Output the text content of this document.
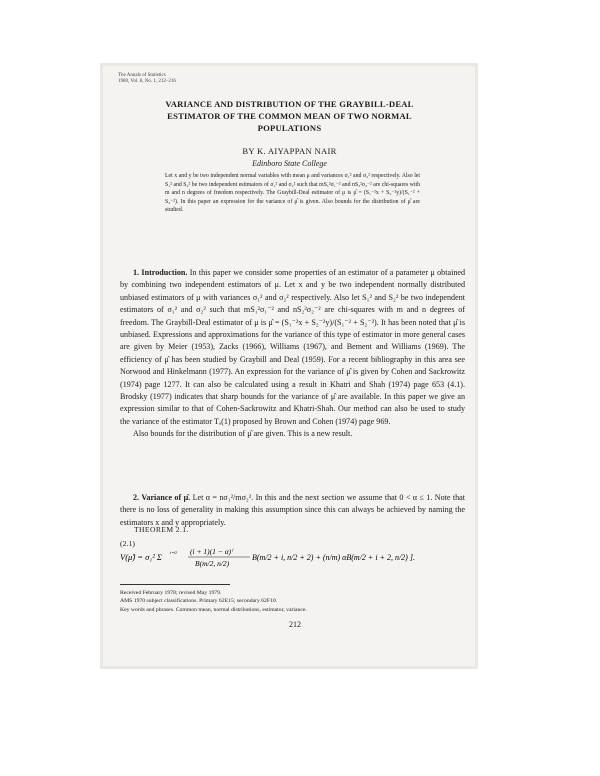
The Annals of Statistics
1980, Vol. 8, No. 1, 212–216
VARIANCE AND DISTRIBUTION OF THE GRAYBILL-DEAL
ESTIMATOR OF THE COMMON MEAN OF TWO NORMAL
POPULATIONS
BY K. AIYAPPAN NAIR
Edinboro State College
Let x and y be two independent normal variables with mean μ and variances σ₁² and σ₂² respectively. Also let S₁² and S₂² be two independent estimators of σ₁² and σ₂² such that mS₁²σ₁⁻² and nS₂²σ₂⁻² are chi-squares with m and n degrees of freedom respectively. The Graybill-Deal estimator of μ is μ̂ = (S₁⁻²x + S₂⁻²y)/(S₁⁻² + S₂⁻²). In this paper an expression for the variance of μ̂ is given. Also bounds for the distribution of μ̂ are studied.

1. Introduction. In this paper we consider some properties of an estimator of a parameter μ obtained by combining two independent estimators of μ. Let x and y be two independent normally distributed unbiased estimators of μ with variances σ₁² and σ₂² respectively. Also let S₁² and S₂² be two independent estimators of σ₁² and σ₂² such that mS₁²σ₁⁻² and nS₂²σ₂⁻² are chi-squares with m and n degrees of freedom. The Graybill-Deal estimator of μ is μ̂ = (S₁⁻²x + S₂⁻²y)/(S₁⁻² + S₂⁻²). It has been noted that μ̂ is unbiased. Expressions and approximations for the variance of this type of estimator in more general cases are given by Meier (1953), Zacks (1966), Williams (1967), and Bement and Williams (1969). The efficiency of μ̂ has been studied by Graybill and Deal (1959). For a recent bibliography in this area see Norwood and Hinkelmann (1977). An expression for the variance of μ̂ is given by Cohen and Sackrowitz (1974) page 1277. It can also be calculated using a result in Khatri and Shah (1974) page 653 (4.1). Brodsky (1977) indicates that sharp bounds for the variance of μ̂ are available. In this paper we give an expression similar to that of Cohen-Sackrowitz and Khatri-Shah. Our method can also be used to study the variance of the estimator Tₐ(1) proposed by Brown and Cohen (1974) page 969.

Also bounds for the distribution of μ̂ are given. This is a new result.

2. Variance of μ̂. Let α = nσ₁²/mσ₂². In this and the next section we assume that 0 < α ≤ 1. Note that there is no loss of generality in making this assumption since this can always be achieved by naming the estimators x and y appropriately.

THEOREM 2.1.
(2.1)
V(μ̂) = σ₁² Σ i=0 (i + 1)(1 − α)ⁱ
B(m/2, n/2)
B(m/2 + i, n/2 + 2) + (n/m) αB(m/2 + i + 2, n/2) ].
Received February 1978; revised May 1979.
AMS 1970 subject classifications. Primary 62E15; secondary 62F10.
Key words and phrases. Common mean, normal distributions, estimator, variance.
212
